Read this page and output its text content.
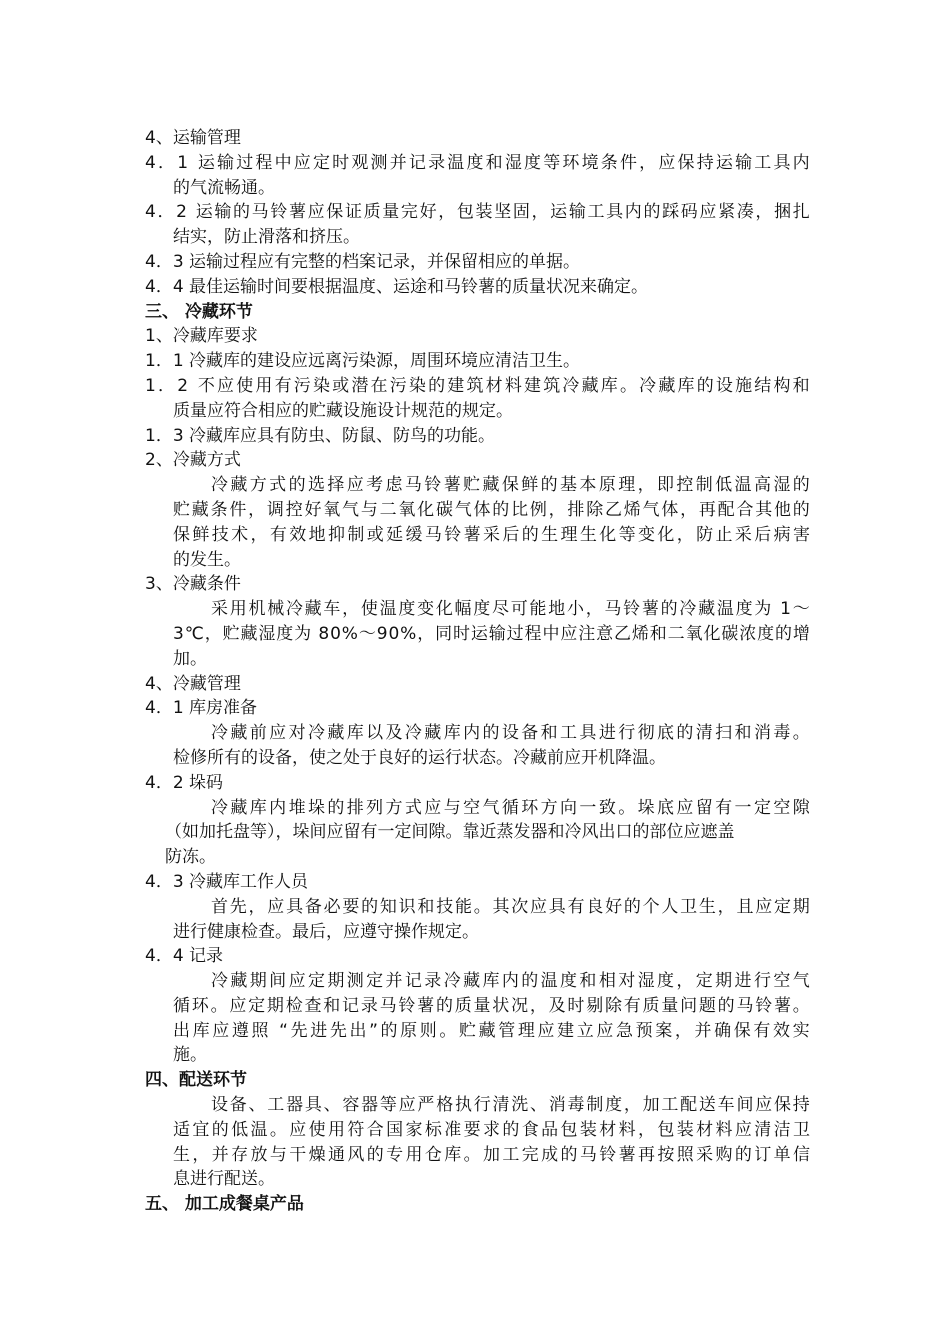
4、运输管理
4 ． 1
运 输 过 程 中 应 定 时 观 测 并 记 录 温 度 和 湿 度 等 环 境 条 件 ， 应 保 持 运 输 工 具 内
的气流畅通。
4 ． 2
运 输 的 马 铃 薯 应 保 证 质 量 完 好 ， 包 装 坚 固 ， 运 输 工 具 内 的 踩 码 应 紧 凑 ， 捆 扎
结实，防止滑落和挤压。
4．3 运输过程应有完整的档案记录，并保留相应的单据。
4．4 最佳运输时间要根据温度、运途和马铃薯的质量状况来确定。
三、 冷藏环节
1、冷藏库要求
1．1 冷藏库的建设应远离污染源，周围环境应清洁卫生。
1 ． 2
不 应 使 用 有 污 染 或 潜 在 污 染 的 建 筑 材 料 建 筑 冷 藏 库 。 冷 藏 库 的 设 施 结 构 和
质量应符合相应的贮藏设施设计规范的规定。
1．3 冷藏库应具有防虫、防鼠、防鸟的功能。
2、冷藏方式
冷 藏 方 式 的 选 择 应 考 虑 马 铃 薯 贮 藏 保 鲜 的 基 本 原 理 ， 即 控 制 低 温 高 湿 的
贮 藏 条 件 ， 调 控 好 氧 气 与 二 氧 化 碳 气 体 的 比 例 ， 排 除 乙 烯 气 体 ， 再 配 合 其 他 的
保 鲜 技 术 ， 有 效 地 抑 制 或 延 缓 马 铃 薯 采 后 的 生 理 生 化 等 变 化 ， 防 止 采 后 病 害
的发生。
3、冷藏条件
采 用 机 械 冷 藏 车 ， 使 温 度 变 化 幅 度 尽 可 能 地 小 ， 马 铃 薯 的 冷 藏 温 度 为
1 ～
3 ℃ ， 贮 藏 湿 度 为
8 0 % ～ 9 0 % ， 同 时 运 输 过 程 中 应 注 意 乙 烯 和 二 氧 化 碳 浓 度 的 增
加。
4、冷藏管理
4．1 库房准备
冷 藏 前 应 对 冷 藏 库 以 及 冷 藏 库 内 的 设 备 和 工 具 进 行 彻 底 的 清 扫 和 消 毒 。
检修所有的设备，使之处于良好的运行状态。冷藏前应开机降温。
4．2 垛码
冷 藏 库 内 堆 垛 的 排 列 方 式 应 与 空 气 循 环 方 向 一 致 。 垛 底 应 留 有 一 定 空 隙
（如加托盘等），垛间应留有一定间隙。靠近蒸发器和冷风出口的部位应遮盖
防冻。
4．3 冷藏库工作人员
首 先 ， 应 具 备 必 要 的 知 识 和 技 能 。 其 次 应 具 有 良 好 的 个 人 卫 生 ， 且 应 定 期
进行健康检查。最后，应遵守操作规定。
4．4 记录
冷 藏 期 间 应 定 期 测 定 并 记 录 冷 藏 库 内 的 温 度 和 相 对 湿 度 ， 定 期 进 行 空 气
循 环 。 应 定 期 检 查 和 记 录 马 铃 薯 的 质 量 状 况 ， 及 时 剔 除 有 质 量 问 题 的 马 铃 薯 。
出 库 应 遵 照
“ 先 进 先 出 ” 的 原 则 。 贮 藏 管 理 应 建 立 应 急 预 案 ， 并 确 保 有 效 实
施。
四、配送环节
设 备 、 工 器 具 、 容 器 等 应 严 格 执 行 清 洗 、 消 毒 制 度 ， 加 工 配 送 车 间 应 保 持
适 宜 的 低 温 。 应 使 用 符 合 国 家 标 准 要 求 的 食 品 包 装 材 料 ， 包 装 材 料 应 清 洁 卫
生 ， 并 存 放 与 干 燥 通 风 的 专 用 仓 库 。 加 工 完 成 的 马 铃 薯 再 按 照 采 购 的 订 单 信
息进行配送。
五、 加工成餐桌产品
